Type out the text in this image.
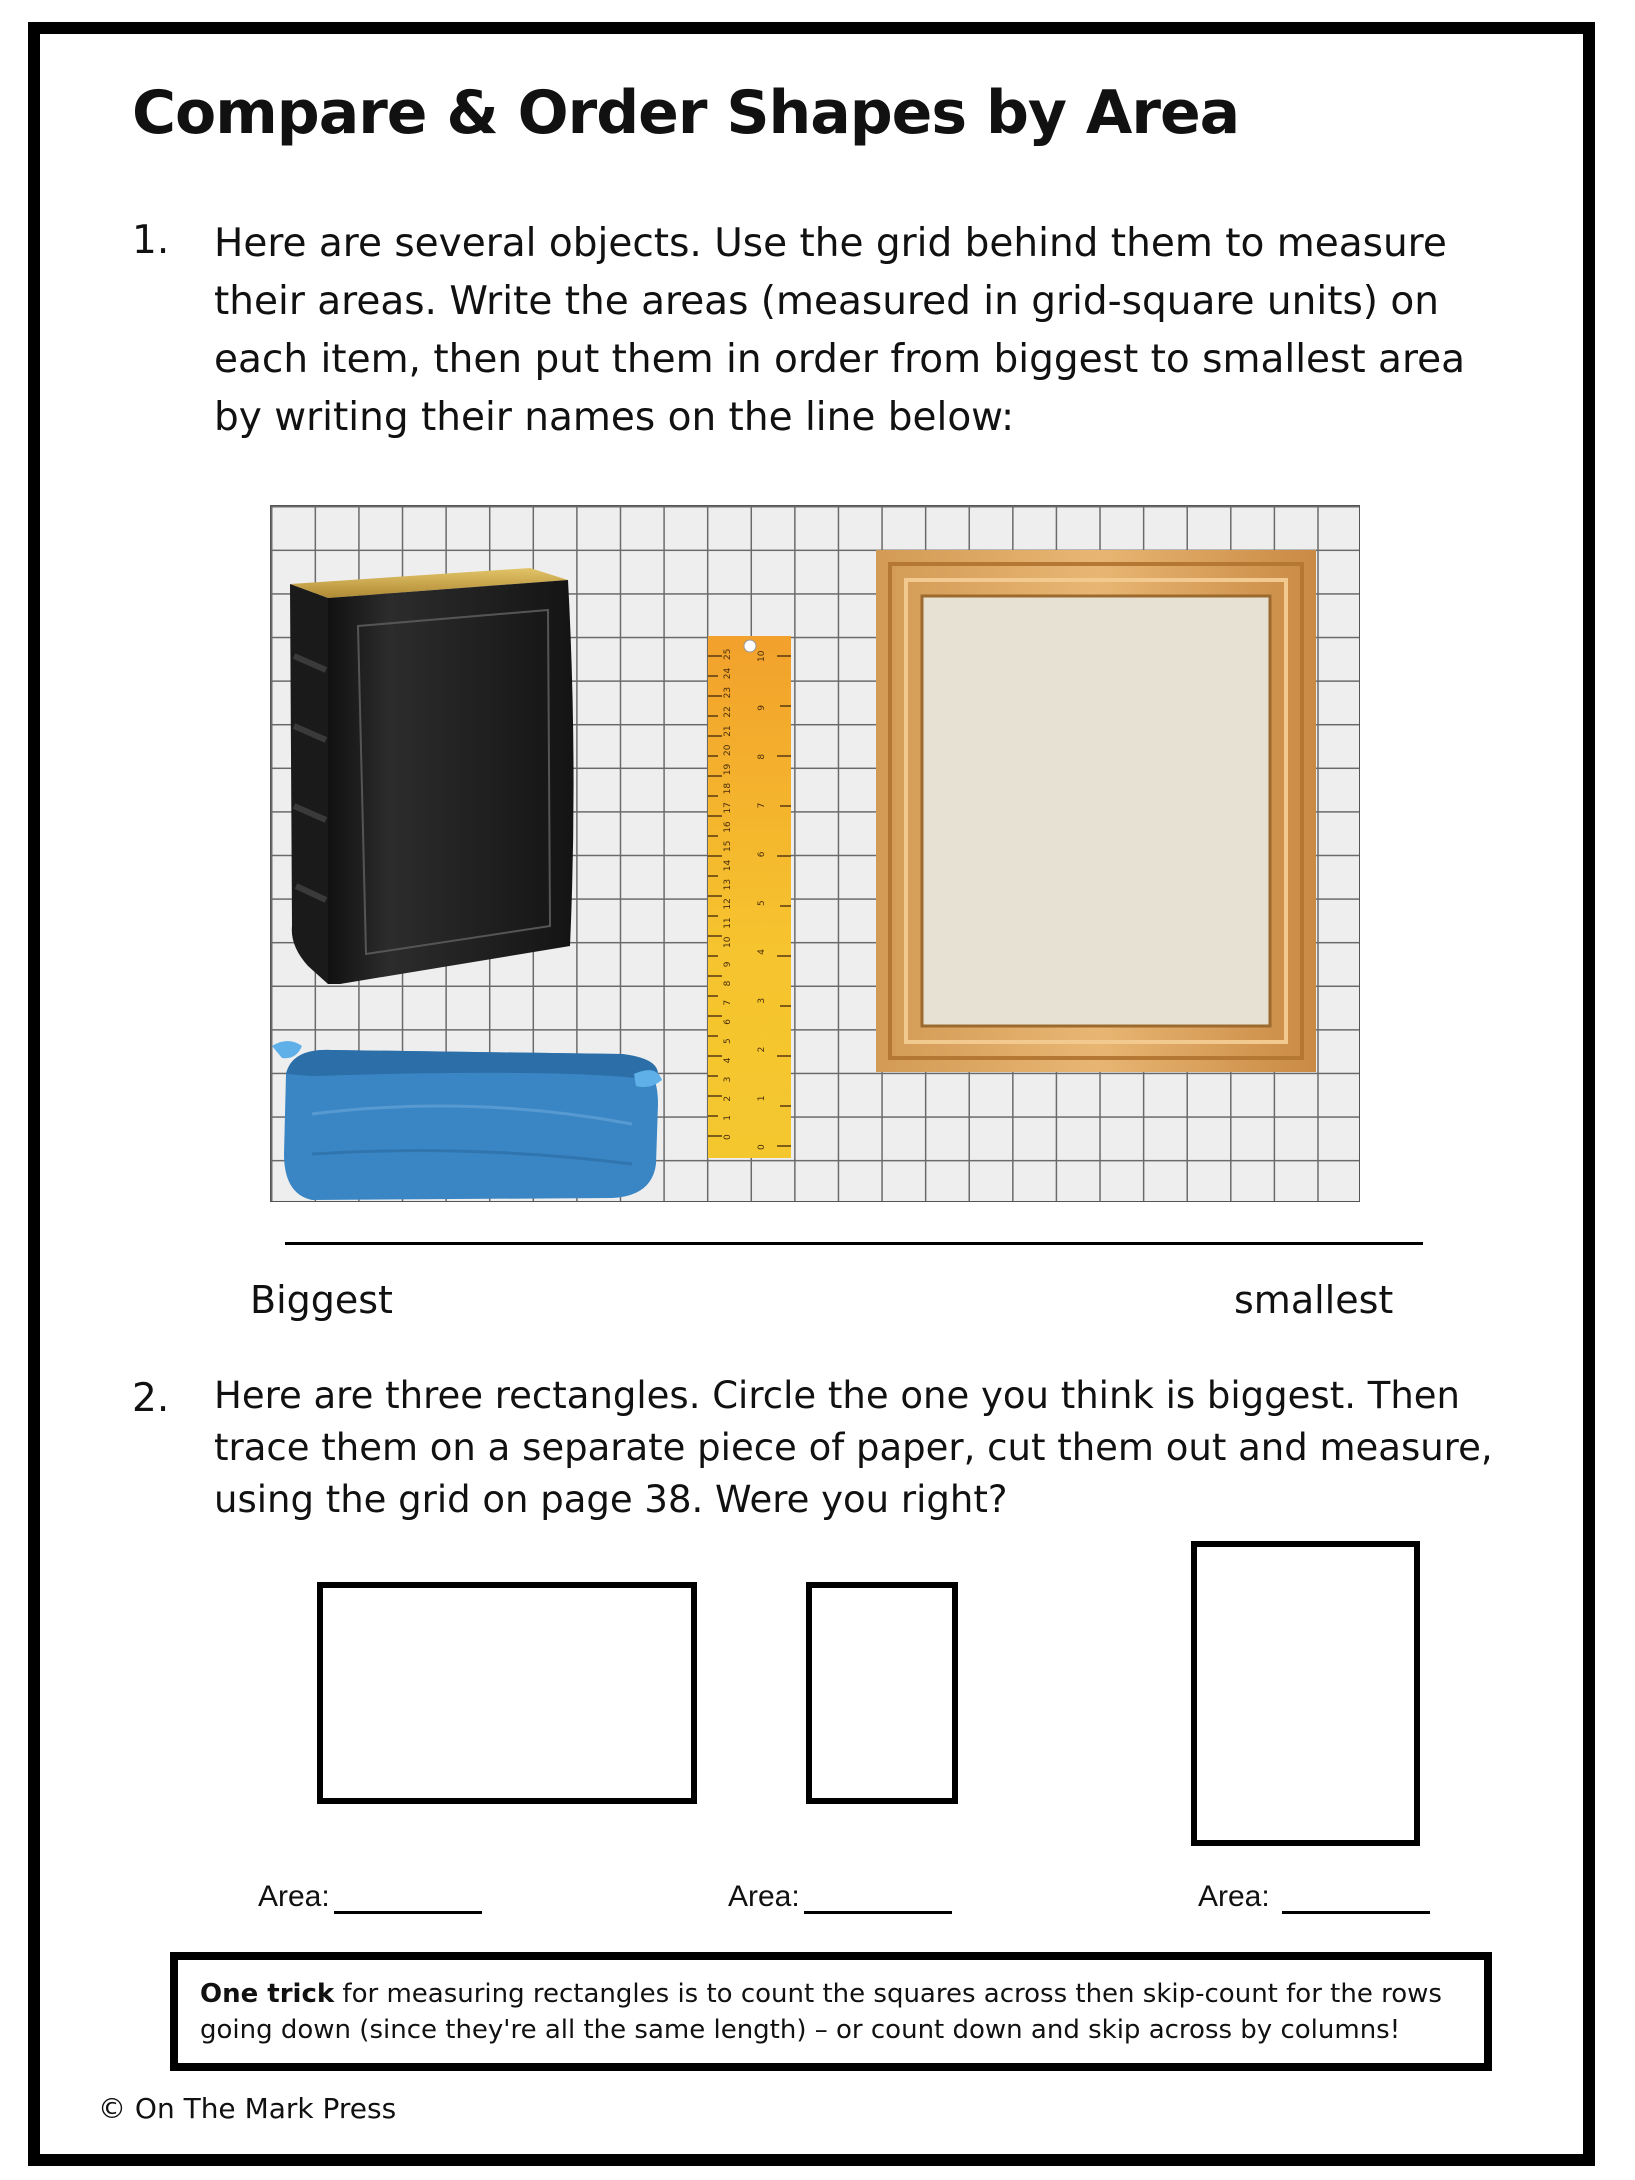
Compare & Order Shapes by Area
1. Here are several objects. Use the grid behind them to measure their areas. Write the areas (measured in grid-square units) on each item, then put them in order from biggest to smallest area by writing their names on the line below:

25
24
23
22
21
20
19
18
17
16
15
14
13
12
11
10
9
8
7
6
5
4
3
2
1
0
10
9
8
7
6
5
4
3
2
1
0
Biggest	smallest
2. Here are three rectangles. Circle the one you think is biggest. Then trace them on a separate piece of paper, cut them out and measure, using the grid on page 38. Were you right?

Area:	Area:	Area:
One trick for measuring rectangles is to count the squares across then skip-count for the rows going down (since they're all the same length) – or count down and skip across by columns!
© On The Mark Press
